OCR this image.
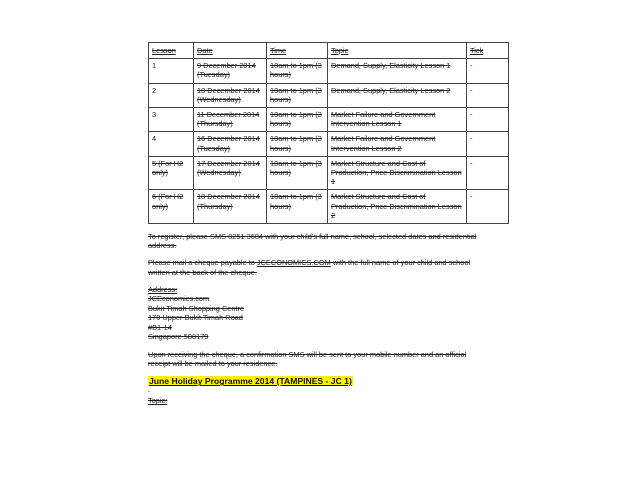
Lesson	Date	Time	Topic	Tick
1	9 December 2014 (Tuesday)	10am to 1pm (3 hours)	Demand, Supply, Elasticity Lesson 1	-
2	10 December 2014 (Wednesday)	10am to 1pm (3 hours)	Demand, Supply, Elasticity Lesson 2	-
3	11 December 2014 (Thursday)	10am to 1pm (3 hours)	Market Failure and Government Intervention Lesson 1	-
4	16 December 2014 (Tuesday)	10am to 1pm (3 hours)	Market Failure and Government Intervention Lesson 2	-
5 (For H2 only)	17 December 2014 (Wednesday)	10am to 1pm (3 hours)	Market Structure and Cost of Production, Price Discrimination Lesson 1	-
6 (For H2 only)	18 December 2014 (Thursday)	10am to 1pm (3 hours)	Market Structure and Cost of Production, Price Discrimination Lesson 2	-
To register, please SMS 8251 3684 with your child's full name, school, selected dates and residential address.
Please mail a cheque payable to JCECONOMICS.COM with the full name of your child and school written at the back of the cheque.
Address:
JCEconomics.com
Bukit Timah Shopping Centre
170 Upper Bukit Timah Road
#B1-14
Singapore 588179
Upon receiving the cheque, a confirmation SMS will be sent to your mobile number and an official receipt will be mailed to your residence.
June Holiday Programme 2014 (TAMPINES - JC 1)
-
Topic:
